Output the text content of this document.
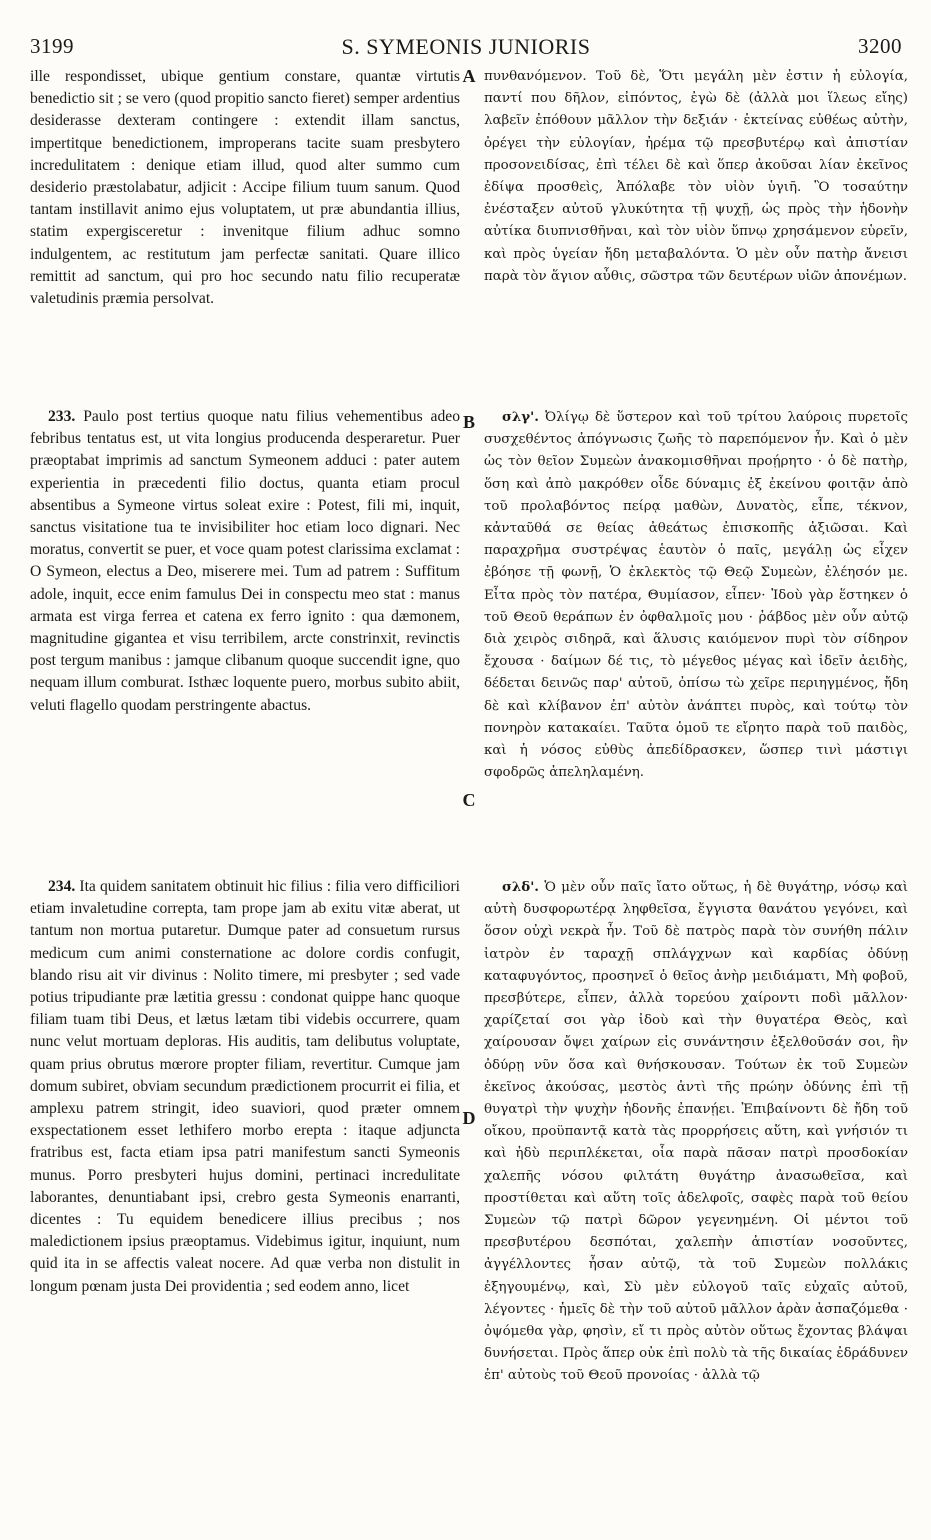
3199	S. SYMEONIS JUNIORIS	3200

ille respondisset, ubique gentium constare, quantæ virtutis benedictio sit ; se vero (quod propitio sancto fieret) semper ardentius desiderasse dexteram contingere : extendit illam sanctus, impertitque benedictionem, improperans tacite suam presbytero incredulitatem : denique etiam illud, quod alter summo cum desiderio præstolabatur, adjicit : Accipe filium tuum sanum. Quod tantam instillavit animo ejus voluptatem, ut præ abundantia illius, statim expergisceretur : invenitque filium adhuc somno indulgentem, ac restitutum jam perfectæ sanitati. Quare illico remittit ad sanctum, qui pro hoc secundo natu filio recuperatæ valetudinis præmia persolvat.

233. Paulo post tertius quoque natu filius vehementibus adeo febribus tentatus est, ut vita longius producenda desperaretur. Puer præoptabat imprimis ad sanctum Symeonem adduci : pater autem experientia in præcedenti filio doctus, quanta etiam procul absentibus a Symeone virtus soleat exire : Potest, fili mi, inquit, sanctus visitatione tua te invisibiliter hoc etiam loco dignari. Nec moratus, convertit se puer, et voce quam potest clarissima exclamat : O Symeon, electus a Deo, miserere mei. Tum ad patrem : Suffitum adole, inquit, ecce enim famulus Dei in conspectu meo stat : manus armata est virga ferrea et catena ex ferro ignito : qua dæmonem, magnitudine gigantea et visu terribilem, arcte constrinxit, revinctis post tergum manibus : jamque clibanum quoque succendit igne, quo nequam illum comburat. Isthæc loquente puero, morbus subito abiit, veluti flagello quodam perstringente abactus.

234. Ita quidem sanitatem obtinuit hic filius : filia vero difficiliori etiam invaletudine correpta, tam prope jam ab exitu vitæ aberat, ut tantum non mortua putaretur. Dumque pater ad consuetum rursus medicum cum animi consternatione ac dolore cordis confugit, blando risu ait vir divinus : Nolito timere, mi presbyter ; sed vade potius tripudiante præ lætitia gressu : condonat quippe hanc quoque filiam tuam tibi Deus, et lætus lætam tibi videbis occurrere, quam nunc velut mortuam deploras. His auditis, tam delibutus voluptate, quam prius obrutus mœrore propter filiam, revertitur. Cumque jam domum subiret, obviam secundum prædictionem procurrit ei filia, et amplexu patrem stringit, ideo suaviori, quod præter omnem exspectationem esset lethifero morbo erepta : itaque adjuncta fratribus est, facta etiam ipsa patri manifestum sancti Symeonis munus. Porro presbyteri hujus domini, pertinaci incredulitate laborantes, denuntiabant ipsi, crebro gesta Symeonis enarranti, dicentes : Tu equidem benedicere illius precibus ; nos maledictionem ipsius præoptamus. Videbimus igitur, inquiunt, num quid ita in se affectis valeat nocere. Ad quæ verba non distulit in longum pœnam justa Dei providentia ; sed eodem anno, licet

A
B
C
D

πυνθανόμενον. Τοῦ δὲ, Ὅτι μεγάλη μὲν ἐστιν ἡ εὐλογία, παντί που δῆλον, εἰπόντος, ἐγὼ δὲ (ἀλλὰ μοι ἵλεως εἴης) λαβεῖν ἐπόθουν μᾶλλον τὴν δεξιάν · ἐκτείνας εὐθέως αὐτὴν, ὀρέγει τὴν εὐλογίαν, ἠρέμα τῷ πρεσβυτέρῳ καὶ ἀπιστίαν προσονειδίσας, ἐπὶ τέλει δὲ καὶ ὅπερ ἀκοῦσαι λίαν ἐκεῖνος ἐδίψα προσθεὶς, Ἀπόλαβε τὸν υἱὸν ὑγιῆ. Ὃ τοσαύτην ἐνέσταξεν αὐτοῦ γλυκύτητα τῇ ψυχῇ, ὡς πρὸς τὴν ἡδονὴν αὐτίκα διυπνισθῆναι, καὶ τὸν υἱὸν ὕπνῳ χρησάμενον εὑρεῖν, καὶ πρὸς ὑγείαν ἤδη μεταβαλόντα. Ὁ μὲν οὖν πατὴρ ἄνεισι παρὰ τὸν ἅγιον αὖθις, σῶστρα τῶν δευτέρων υἱῶν ἀπονέμων.

σλγ'. Ὀλίγῳ δὲ ὕστερον καὶ τοῦ τρίτου λαύροις πυρετοῖς συσχεθέντος ἀπόγνωσις ζωῆς τὸ παρεπόμενον ἦν. Καὶ ὁ μὲν ὡς τὸν θεῖον Συμεὼν ἀνακομισθῆναι προῄρητο · ὁ δὲ πατὴρ, ὅση καὶ ἀπὸ μακρόθεν οἶδε δύναμις ἐξ ἐκείνου φοιτᾷν ἀπὸ τοῦ προλαβόντος πείρᾳ μαθὼν, Δυνατὸς, εἶπε, τέκνον, κἀνταῦθά σε θείας ἀθεάτως ἐπισκοπῆς ἀξιῶσαι. Καὶ παραχρῆμα συστρέψας ἑαυτὸν ὁ παῖς, μεγάλῃ ὡς εἶχεν ἐβόησε τῇ φωνῇ, Ὁ ἐκλεκτὸς τῷ Θεῷ Συμεὼν, ἐλέησόν με. Εἶτα πρὸς τὸν πατέρα, Θυμίασον, εἶπεν· Ἰδοὺ γὰρ ἕστηκεν ὁ τοῦ Θεοῦ θεράπων ἐν ὀφθαλμοῖς μου · ῥάβδος μὲν οὖν αὐτῷ διὰ χειρὸς σιδηρᾶ, καὶ ἅλυσις καιόμενον πυρὶ τὸν σίδηρον ἔχουσα · δαίμων δέ τις, τὸ μέγεθος μέγας καὶ ἰδεῖν ἀειδὴς, δέδεται δεινῶς παρ' αὐτοῦ, ὀπίσω τὼ χεῖρε περιηγμένος, ἤδη δὲ καὶ κλίβανον ἐπ' αὐτὸν ἀνάπτει πυρὸς, καὶ τούτῳ τὸν πονηρὸν κατακαίει. Ταῦτα ὁμοῦ τε εἴρητο παρὰ τοῦ παιδὸς, καὶ ἡ νόσος εὐθὺς ἀπεδίδρασκεν, ὥσπερ τινὶ μάστιγι σφοδρῶς ἀπεληλαμένη.

σλδ'. Ὁ μὲν οὖν παῖς ἴατο οὕτως, ἡ δὲ θυγάτηρ, νόσῳ καὶ αὐτὴ δυσφορωτέρᾳ ληφθεῖσα, ἔγγιστα θανάτου γεγόνει, καὶ ὅσον οὐχὶ νεκρὰ ἦν. Τοῦ δὲ πατρὸς παρὰ τὸν συνήθη πάλιν ἰατρὸν ἐν ταραχῇ σπλάγχνων καὶ καρδίας ὀδύνῃ καταφυγόντος, προσηνεῖ ὁ θεῖος ἀνὴρ μειδιάματι, Μὴ φοβοῦ, πρεσβύτερε, εἶπεν, ἀλλὰ τορεύου χαίροντι ποδὶ μᾶλλον· χαρίζεταί σοι γὰρ ἰδοὺ καὶ τὴν θυγατέρα Θεὸς, καὶ χαίρουσαν ὄψει χαίρων εἰς συνάντησιν ἐξελθοῦσάν σοι, ἣν ὀδύρῃ νῦν ὅσα καὶ θνήσκουσαν. Τούτων ἐκ τοῦ Συμεὼν ἐκεῖνος ἀκούσας, μεστὸς ἀντὶ τῆς πρώην ὀδύνης ἐπὶ τῇ θυγατρὶ τὴν ψυχὴν ἡδονῆς ἐπανῄει. Ἐπιβαίνοντι δὲ ἤδη τοῦ οἴκου, προϋπαντᾷ κατὰ τὰς προρρήσεις αὕτη, καὶ γνήσιόν τι καὶ ἡδὺ περιπλέκεται, οἷα παρὰ πᾶσαν πατρὶ προσδοκίαν χαλεπῆς νόσου φιλτάτη θυγάτηρ ἀνασωθεῖσα, καὶ προστίθεται καὶ αὕτη τοῖς ἀδελφοῖς, σαφὲς παρὰ τοῦ θείου Συμεὼν τῷ πατρὶ δῶρον γεγενημένη. Οἱ μέντοι τοῦ πρεσβυτέρου δεσπόται, χαλεπὴν ἀπιστίαν νοσοῦντες, ἀγγέλλοντες ἦσαν αὐτῷ, τὰ τοῦ Συμεὼν πολλάκις ἐξηγουμένῳ, καὶ, Σὺ μὲν εὐλογοῦ ταῖς εὐχαῖς αὐτοῦ, λέγοντες · ἡμεῖς δὲ τὴν τοῦ αὐτοῦ μᾶλλον ἀρὰν ἀσπαζόμεθα · ὀψόμεθα γὰρ, φησὶν, εἴ τι πρὸς αὐτὸν οὕτως ἔχοντας βλάψαι δυνήσεται. Πρὸς ἅπερ οὐκ ἐπὶ πολὺ τὰ τῆς δικαίας ἐδράδυνεν ἐπ' αὐτοὺς τοῦ Θεοῦ προνοίας · ἀλλὰ τῷ
